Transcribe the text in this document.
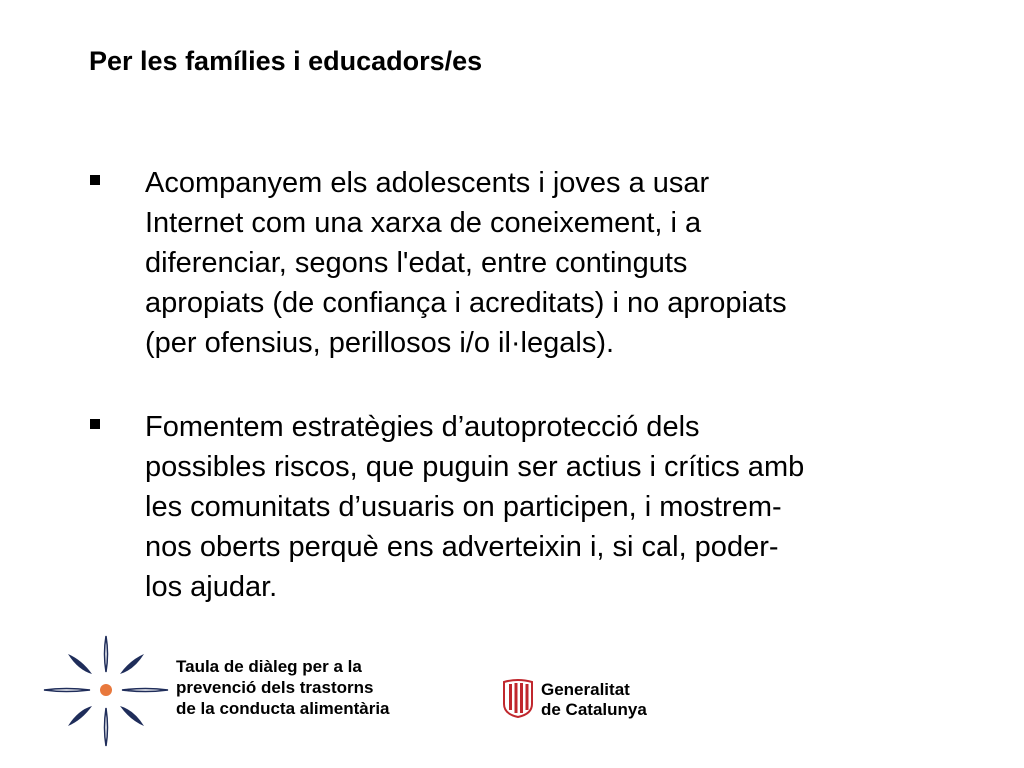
Per les famílies i educadors/es
Acompanyem els adolescents i joves a usar
Internet com una xarxa de coneixement, i a
diferenciar, segons l'edat, entre continguts
apropiats (de confiança i acreditats) i no apropiats
(per ofensius, perillosos i/o il·legals).
Fomentem estratègies d’autoprotecció dels
possibles riscos, que puguin ser actius i crítics amb
les comunitats d’usuaris on participen, i mostrem-
nos oberts perquè ens adverteixin i, si cal, poder-
los ajudar.
Taula de diàleg per a la
prevenció dels trastorns
de la conducta alimentària
Generalitat
de Catalunya
